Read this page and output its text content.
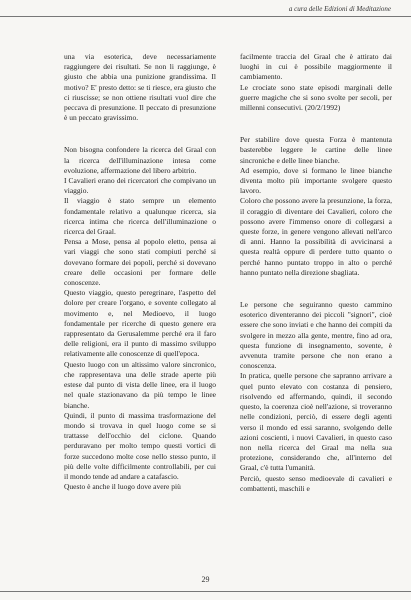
a cura delle Edizioni di Meditazione

una via esoterica, deve necessariamente raggiungere dei risultati. Se non li raggiunge, è giusto che abbia una punizione grandissima. Il motivo? E' presto detto: se ti riesce, era giusto che ci riuscisse; se non ottiene risultati vuol dire che peccava di presunzione. Il peccato di presunzione è un peccato gravissimo.

Non bisogna confondere la ricerca del Graal con la ricerca dell'illuminazione intesa come evoluzione, affermazione del libero arbitrio.

I Cavalieri erano dei ricercatori che compivano un viaggio.

Il viaggio è stato sempre un elemento fondamentale relativo a qualunque ricerca, sia ricerca intima che ricerca dell'illuminazione o ricerca del Graal.

Pensa a Mose, pensa al popolo eletto, pensa ai vari viaggi che sono stati compiuti perché si dovevano formare dei popoli, perché si dovevano creare delle occasioni per formare delle conoscenze.

Questo viaggio, questo peregrinare, l'aspetto del dolore per creare l'organo, e sovente collegato al movimento e, nel Medioevo, il luogo fondamentale per ricerche di questo genere era rappresentato da Gerusalemme perché era il faro delle religioni, era il punto di massimo sviluppo relativamente alle conoscenze di quell'epoca.

Questo luogo con un altissimo valore sincronico, che rappresentava una delle strade aperte più estese dal punto di vista delle linee, era il luogo nel quale stazionavano da più tempo le linee bianche.

Quindi, il punto di massima trasformazione del mondo si trovava in quel luogo come se si trattasse dell'occhio del ciclone. Quando perduravano per molto tempo questi vortici di forze succedono molte cose nello stesso punto, il più delle volte difficilmente controllabili, per cui il mondo tende ad andare a catafascio.

Questo è anche il luogo dove avere più

facilmente traccia del Graal che è attirato dai luoghi in cui è possibile maggiormente il cambiamento.

Le crociate sono state episodi marginali delle guerre magiche che si sono svolte per secoli, per millenni consecutivi. (20/2/1992)

Per stabilire dove questa Forza è mantenuta basterebbe leggere le cartine delle linee sincroniche e delle linee bianche.

Ad esempio, dove si formano le linee bianche diventa molto più importante svolgere questo lavoro.

Coloro che possono avere la presunzione, la forza, il coraggio di diventare dei Cavalieri, coloro che possono avere l'immenso onore di collegarsi a queste forze, in genere vengono allevati nell'arco di anni. Hanno la possibilità di avvicinarsi a questa realtà oppure di perdere tutto quanto o perché hanno puntato troppo in alto o perché hanno puntato nella direzione sbagliata.

Le persone che seguiranno questo cammino esoterico diventeranno dei piccoli "signori", cioè essere che sono inviati e che hanno dei compiti da svolgere in mezzo alla gente, mentre, fino ad ora, questa funzione di insegnamento, sovente, è avvenuta tramite persone che non erano a conoscenza.

In pratica, quelle persone che sapranno arrivare a quel punto elevato con costanza di pensiero, risolvendo ed affermando, quindi, il secondo questo, la coerenza cioè nell'azione, si troveranno nelle condizioni, perciò, di essere degli agenti verso il mondo ed essi saranno, svolgendo delle azioni coscienti, i nuovi Cavalieri, in questo caso non nella ricerca del Graal ma nella sua protezione, considerando che, all'interno del Graal, c'è tutta l'umanità.

Perciò, questo senso medioevale di cavalieri e combattenti, maschili e

29
